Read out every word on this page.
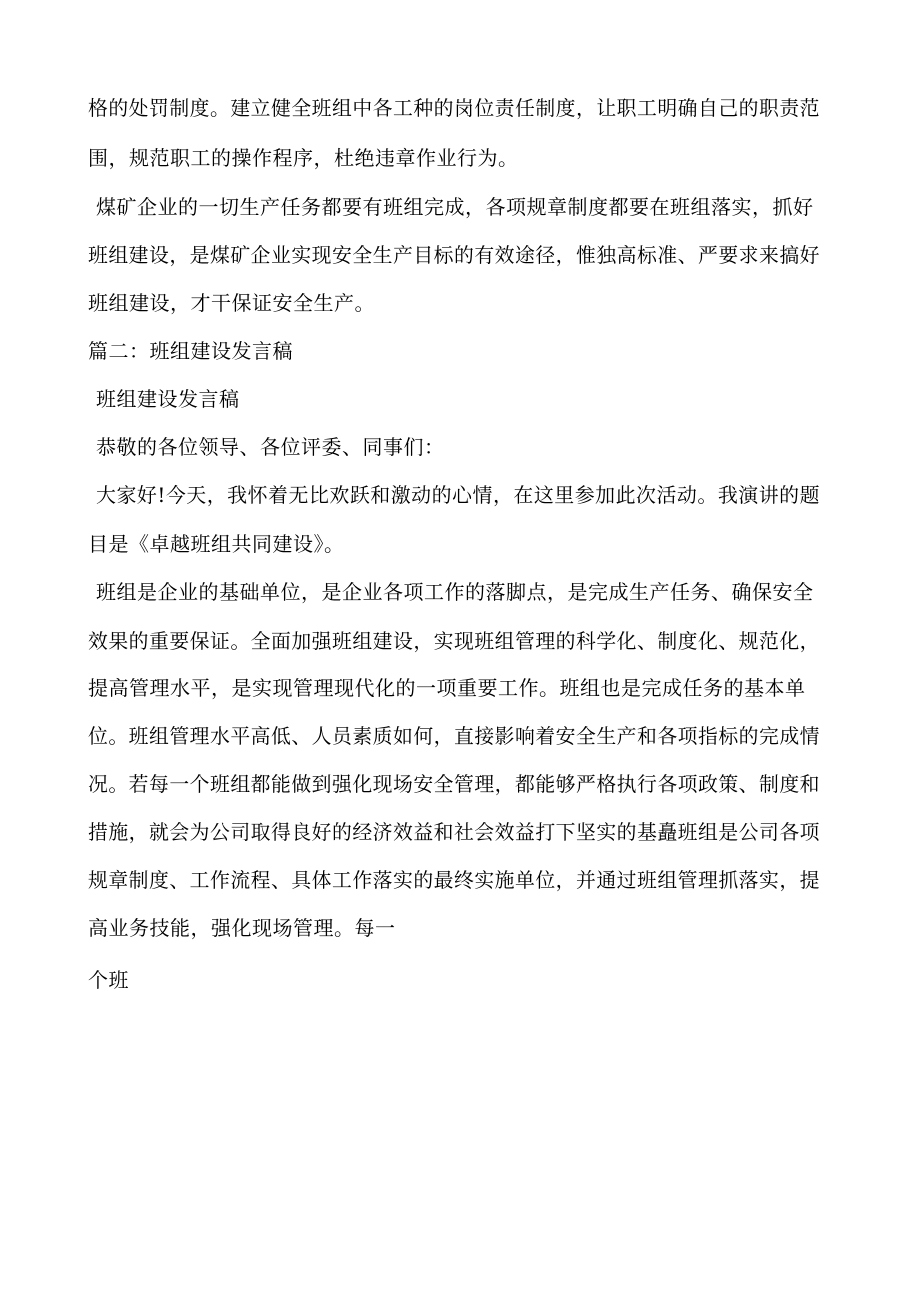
格的处罚制度。建立健全班组中各工种的岗位责任制度，让职工明确自己的职责范
围，规范职工的操作程序，杜绝违章作业行为。
煤矿企业的一切生产任务都要有班组完成，各项规章制度都要在班组落实，抓好
班组建设，是煤矿企业实现安全生产目标的有效途径，惟独高标准、严要求来搞好
班组建设，才干保证安全生产。
篇二：班组建设发言稿
班组建设发言稿
恭敬的各位领导、各位评委、同事们：
大家好!今天，我怀着无比欢跃和激动的心情，在这里参加此次活动。我演讲的题
目是《卓越班组共同建设》。
班组是企业的基础单位，是企业各项工作的落脚点，是完成生产任务、确保安全
效果的重要保证。全面加强班组建设，实现班组管理的科学化、制度化、规范化，
提高管理水平，是实现管理现代化的一项重要工作。班组也是完成任务的基本单
位。班组管理水平高低、人员素质如何，直接影响着安全生产和各项指标的完成情
况。若每一个班组都能做到强化现场安全管理，都能够严格执行各项政策、制度和
措施，就会为公司取得良好的经济效益和社会效益打下坚实的基矗班组是公司各项
规章制度、工作流程、具体工作落实的最终实施单位，并通过班组管理抓落实，提
高业务技能，强化现场管理。每一
个班
